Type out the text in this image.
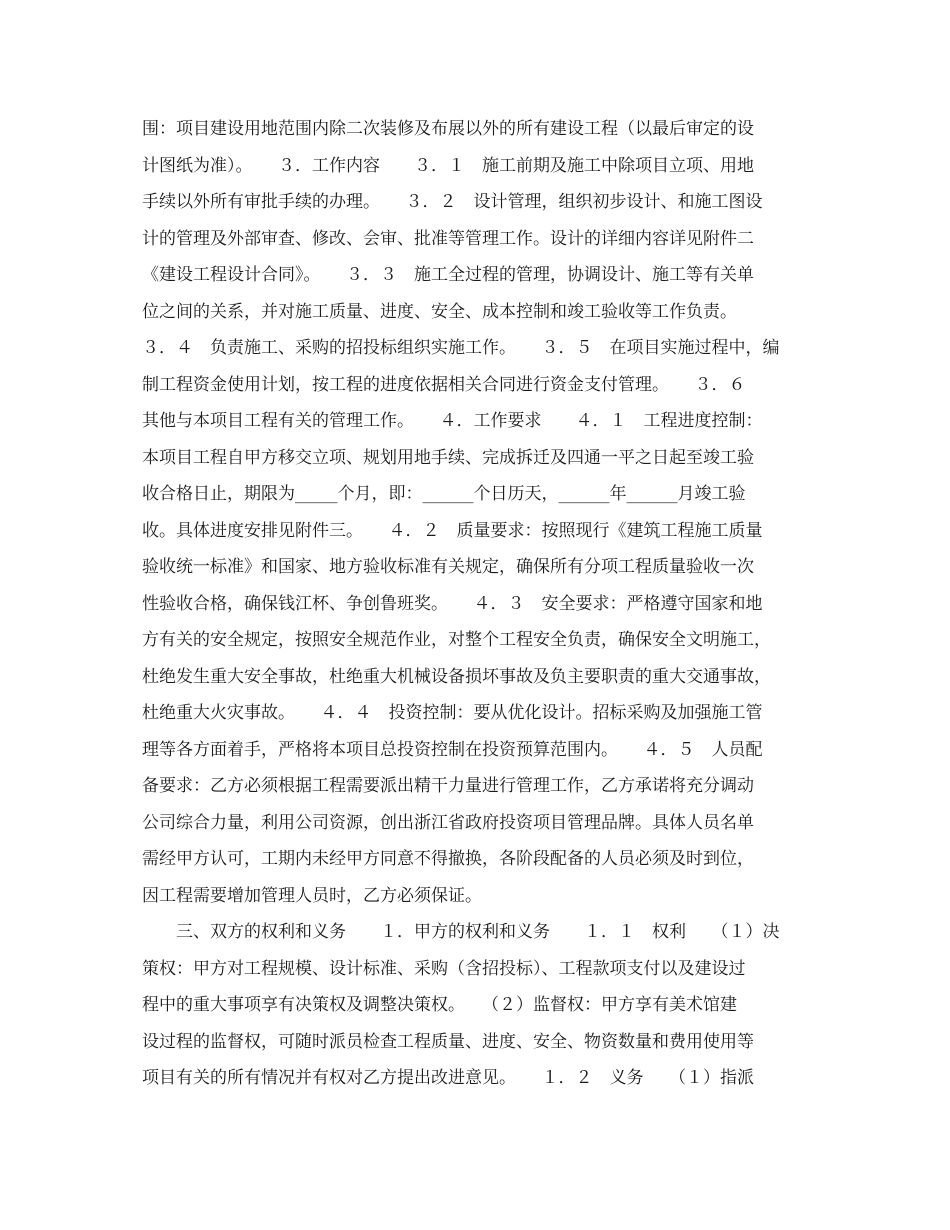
围：项目建设用地范围内除二次装修及布展以外的所有建设工程（以最后审定的设
计图纸为准）。　　３．工作内容　　３．１　施工前期及施工中除项目立项、用地
手续以外所有审批手续的办理。　　３．２　设计管理，组织初步设计、和施工图设
计的管理及外部审查、修改、会审、批准等管理工作。设计的详细内容详见附件二
《建设工程设计合同》。　　３．３　施工全过程的管理，协调设计、施工等有关单
位之间的关系，并对施工质量、进度、安全、成本控制和竣工验收等工作负责。
３．４　负责施工、采购的招投标组织实施工作。　　３．５　在项目实施过程中，编
制工程资金使用计划，按工程的进度依据相关合同进行资金支付管理。　　３．６
其他与本项目工程有关的管理工作。　　４．工作要求　　４．１　工程进度控制：
本项目工程自甲方移交立项、规划用地手续、完成拆迁及四通一平之日起至竣工验
收合格日止，期限为_____个月，即：______个日历天，______年______月竣工验
收。具体进度安排见附件三。　　４．２　质量要求：按照现行《建筑工程施工质量
验收统一标准》和国家、地方验收标准有关规定，确保所有分项工程质量验收一次
性验收合格，确保钱江杯、争创鲁班奖。　　４．３　安全要求：严格遵守国家和地
方有关的安全规定，按照安全规范作业，对整个工程安全负责，确保安全文明施工，
杜绝发生重大安全事故，杜绝重大机械设备损坏事故及负主要职责的重大交通事故，
杜绝重大火灾事故。　　４．４　投资控制：要从优化设计。招标采购及加强施工管
理等各方面着手，严格将本项目总投资控制在投资预算范围内。　　４．５　人员配
备要求：乙方必须根据工程需要派出精干力量进行管理工作，乙方承诺将充分调动
公司综合力量，利用公司资源，创出浙江省政府投资项目管理品牌。具体人员名单
需经甲方认可，工期内未经甲方同意不得撤换，各阶段配备的人员必须及时到位，
因工程需要增加管理人员时，乙方必须保证。
　　三、双方的权利和义务　　１．甲方的权利和义务　　１．１　权利　　（１）决
策权：甲方对工程规模、设计标准、采购（含招投标）、工程款项支付以及建设过
程中的重大事项享有决策权及调整决策权。　　（２）监督权：甲方享有美术馆建
设过程的监督权，可随时派员检查工程质量、进度、安全、物资数量和费用使用等
项目有关的所有情况并有权对乙方提出改进意见。　　１．２　义务　　（１）指派
